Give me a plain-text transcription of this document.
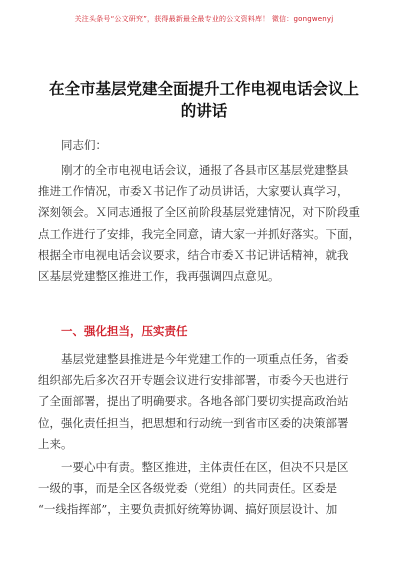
关注头条号“公文研究”，获得最新最全最专业的公文资料库！ 微信：gongwenyj
在全市基层党建全面提升工作电视电话会议上
的讲话
同志们：
刚才的全市电视电话会议，通报了各县市区基层党建整县
推进工作情况，市委Ｘ书记作了动员讲话，大家要认真学习，
深刻领会。Ｘ同志通报了全区前阶段基层党建情况，对下阶段重
点工作进行了安排，我完全同意，请大家一并抓好落实。下面，
根据全市电视电话会议要求，结合市委Ｘ书记讲话精神，就我
区基层党建整区推进工作，我再强调四点意见。
一、强化担当，压实责任
基层党建整县推进是今年党建工作的一项重点任务，省委
组织部先后多次召开专题会议进行安排部署，市委今天也进行
了全面部署，提出了明确要求。各地各部门要切实提高政治站
位，强化责任担当，把思想和行动统一到省市区委的决策部署
上来。
一要心中有责。整区推进，主体责任在区，但决不只是区
一级的事，而是全区各级党委（党组）的共同责任。区委是
“一线指挥部”，主要负责抓好统筹协调、搞好顶层设计、加
